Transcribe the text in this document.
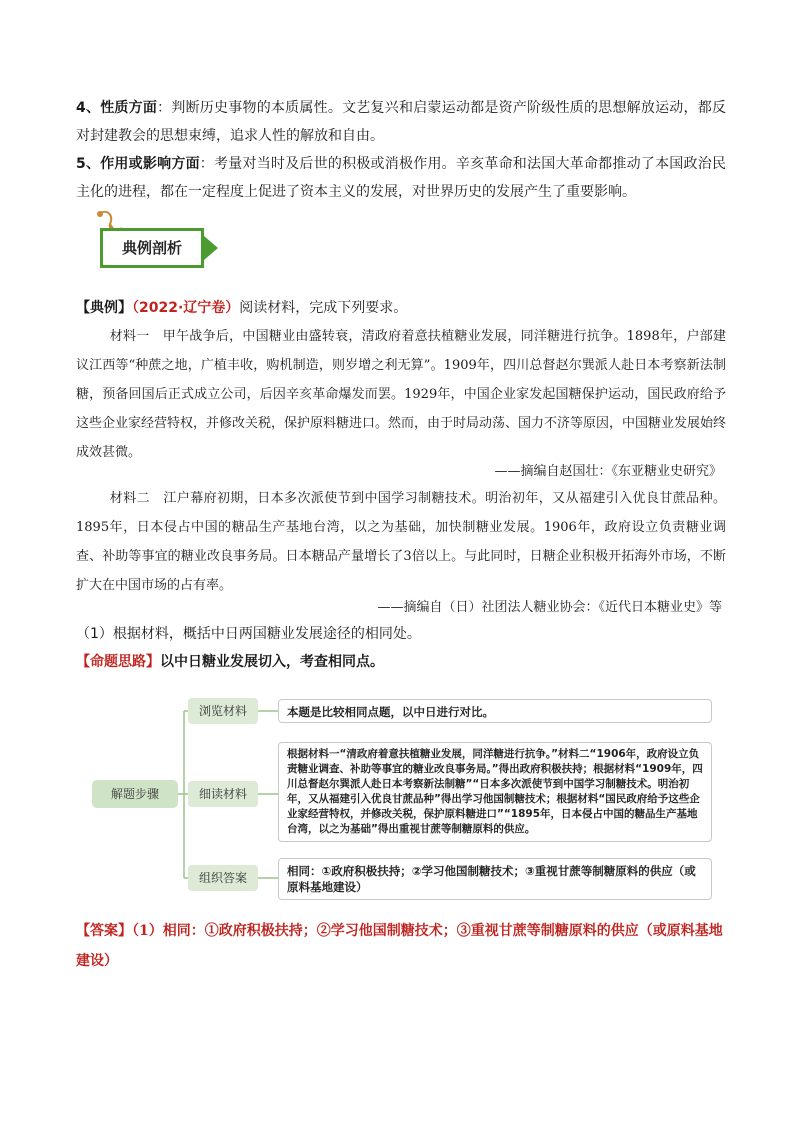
4、性质方面：判断历史事物的本质属性。文艺复兴和启蒙运动都是资产阶级性质的思想解放运动，都反对封建教会的思想束缚，追求人性的解放和自由。

5、作用或影响方面：考量对当时及后世的积极或消极作用。辛亥革命和法国大革命都推动了本国政治民主化的进程，都在一定程度上促进了资本主义的发展，对世界历史的发展产生了重要影响。

典例剖析
【典例】（2022·辽宁卷）阅读材料，完成下列要求。

材料一　甲午战争后，中国糖业由盛转衰，清政府着意扶植糖业发展，同洋糖进行抗争。1898年，户部建议江西等“种蔗之地，广植丰收，购机制造，则岁增之利无算”。1909年，四川总督赵尔巽派人赴日本考察新法制糖，预备回国后正式成立公司，后因辛亥革命爆发而罢。1929年，中国企业家发起国糖保护运动，国民政府给予这些企业家经营特权，并修改关税，保护原料糖进口。然而，由于时局动荡、国力不济等原因，中国糖业发展始终成效甚微。

——摘编自赵国壮：《东亚糖业史研究》

材料二　江户幕府初期，日本多次派使节到中国学习制糖技术。明治初年，又从福建引入优良甘蔗品种。1895年，日本侵占中国的糖品生产基地台湾，以之为基础，加快制糖业发展。1906年，政府设立负责糖业调查、补助等事宜的糖业改良事务局。日本糖品产量增长了3倍以上。与此同时，日糖企业积极开拓海外市场，不断扩大在中国市场的占有率。

——摘编自（日）社团法人糖业协会：《近代日本糖业史》等
（1）根据材料，概括中日两国糖业发展途径的相同处。
【命题思路】以中日糖业发展切入，考查相同点。
解题步骤
浏览材料	本题是比较相同点题，以中日进行对比。
细读材料
根据材料一“清政府着意扶植糖业发展，同洋糖进行抗争。”材料二“1906年，政府设立负责糖业调查、补助等事宜的糖业改良事务局。”得出政府积极扶持；根据材料“1909年，四川总督赵尔巽派人赴日本考察新法制糖”“日本多次派使节到中国学习制糖技术。明治初年，又从福建引入优良甘蔗品种”得出学习他国制糖技术；根据材料“国民政府给予这些企业家经营特权，并修改关税，保护原料糖进口”“1895年，日本侵占中国的糖品生产基地台湾，以之为基础”得出重视甘蔗等制糖原料的供应。
组织答案	相同：①政府积极扶持；②学习他国制糖技术；③重视甘蔗等制糖原料的供应（或原料基地建设）

【答案】（1）相同：①政府积极扶持；②学习他国制糖技术；③重视甘蔗等制糖原料的供应（或原料基地建设）
